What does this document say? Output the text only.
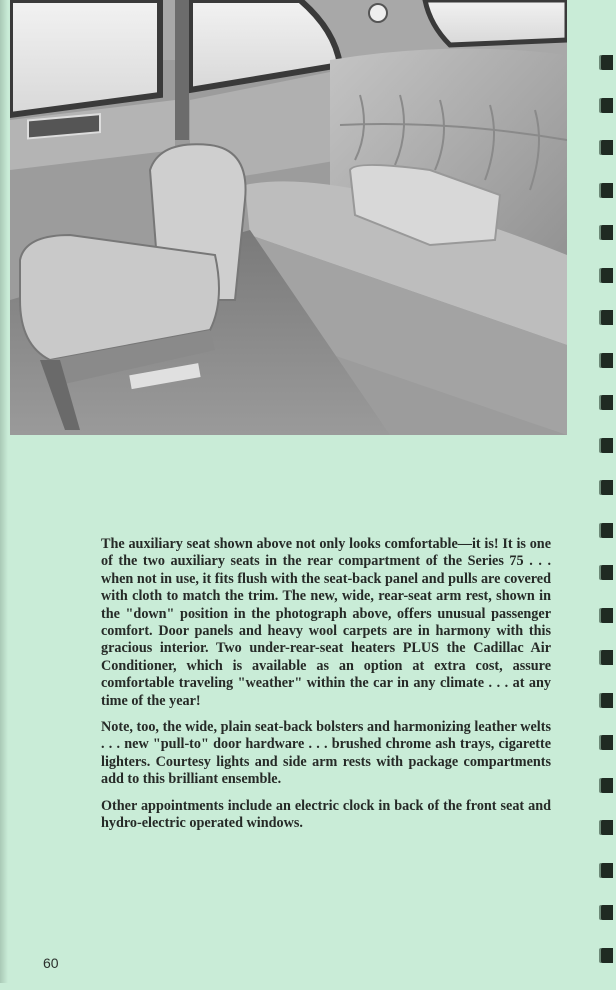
The auxiliary seat shown above not only looks comfortable—it is! It is one of the two auxiliary seats in the rear compartment of the Series 75 . . . when not in use, it fits flush with the seat-back panel and pulls are covered with cloth to match the trim. The new, wide, rear-seat arm rest, shown in the "down" position in the photograph above, offers unusual passenger comfort. Door panels and heavy wool carpets are in harmony with this gracious interior. Two under-rear-seat heaters PLUS the Cadillac Air Conditioner, which is available as an option at extra cost, assure comfortable traveling "weather" within the car in any climate . . . at any time of the year!

Note, too, the wide, plain seat-back bolsters and harmonizing leather welts . . . new "pull-to" door hardware . . . brushed chrome ash trays, cigarette lighters. Courtesy lights and side arm rests with package compartments add to this brilliant ensemble.

Other appointments include an electric clock in back of the front seat and hydro-electric operated windows.

60
